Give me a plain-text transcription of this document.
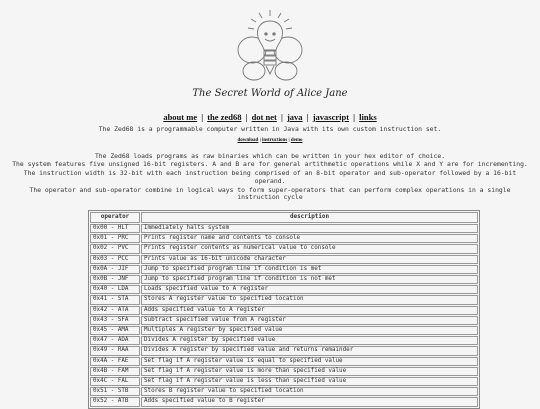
The Secret World of Alice Jane
about me | the zed68 | dot net | java | javascript | links
download | instructions | demo

The Zed68 is a programmable computer written in Java with its own custom instruction set.

The Zed68 loads programs as raw binaries which can be written in your hex editor of choice.

The system features five unsigned 16-bit registers. A and B are for general artithmetic operations while X and Y are for incrementing.

The instruction width is 32-bit with each instruction being comprised of an 8-bit operator and sub-operator followed by a 16-bit operand.

The operator and sub-operator combine in logical ways to form super-operators that can perform complex operations in a single instruction cycle

operator	description
0x00 - HLT	Immediately halts system
0x01 - PRC	Prints register name and contents to console
0x02 - PVC	Prints register contents as numerical value to console
0x03 - PCC	Prints value as 16-bit unicode character
0x0A - JIF	Jump to specified program line if condition is met
0x0B - JNF	Jump to specified program line if condition is not met
0x40 - LDA	Loads specified value to A register
0x41 - STA	Stores A register value to specified location
0x42 - ATA	Adds specified value to A register
0x43 - SFA	Subtract specified value from A register
0x45 - AMA	Multiples A register by specified value
0x47 - ADA	Divides A register by specified value
0x49 - RAA	Divides A register by specified value and returns remainder
0x4A - FAE	Set flag if A register value is equal to specified value
0x4B - FAM	Set flag if A register value is more than specified value
0x4C - FAL	Set flag if A register value is less than specified value
0x51 - STB	Stores B register value to specified location
0x52 - ATB	Adds specified value to B register
